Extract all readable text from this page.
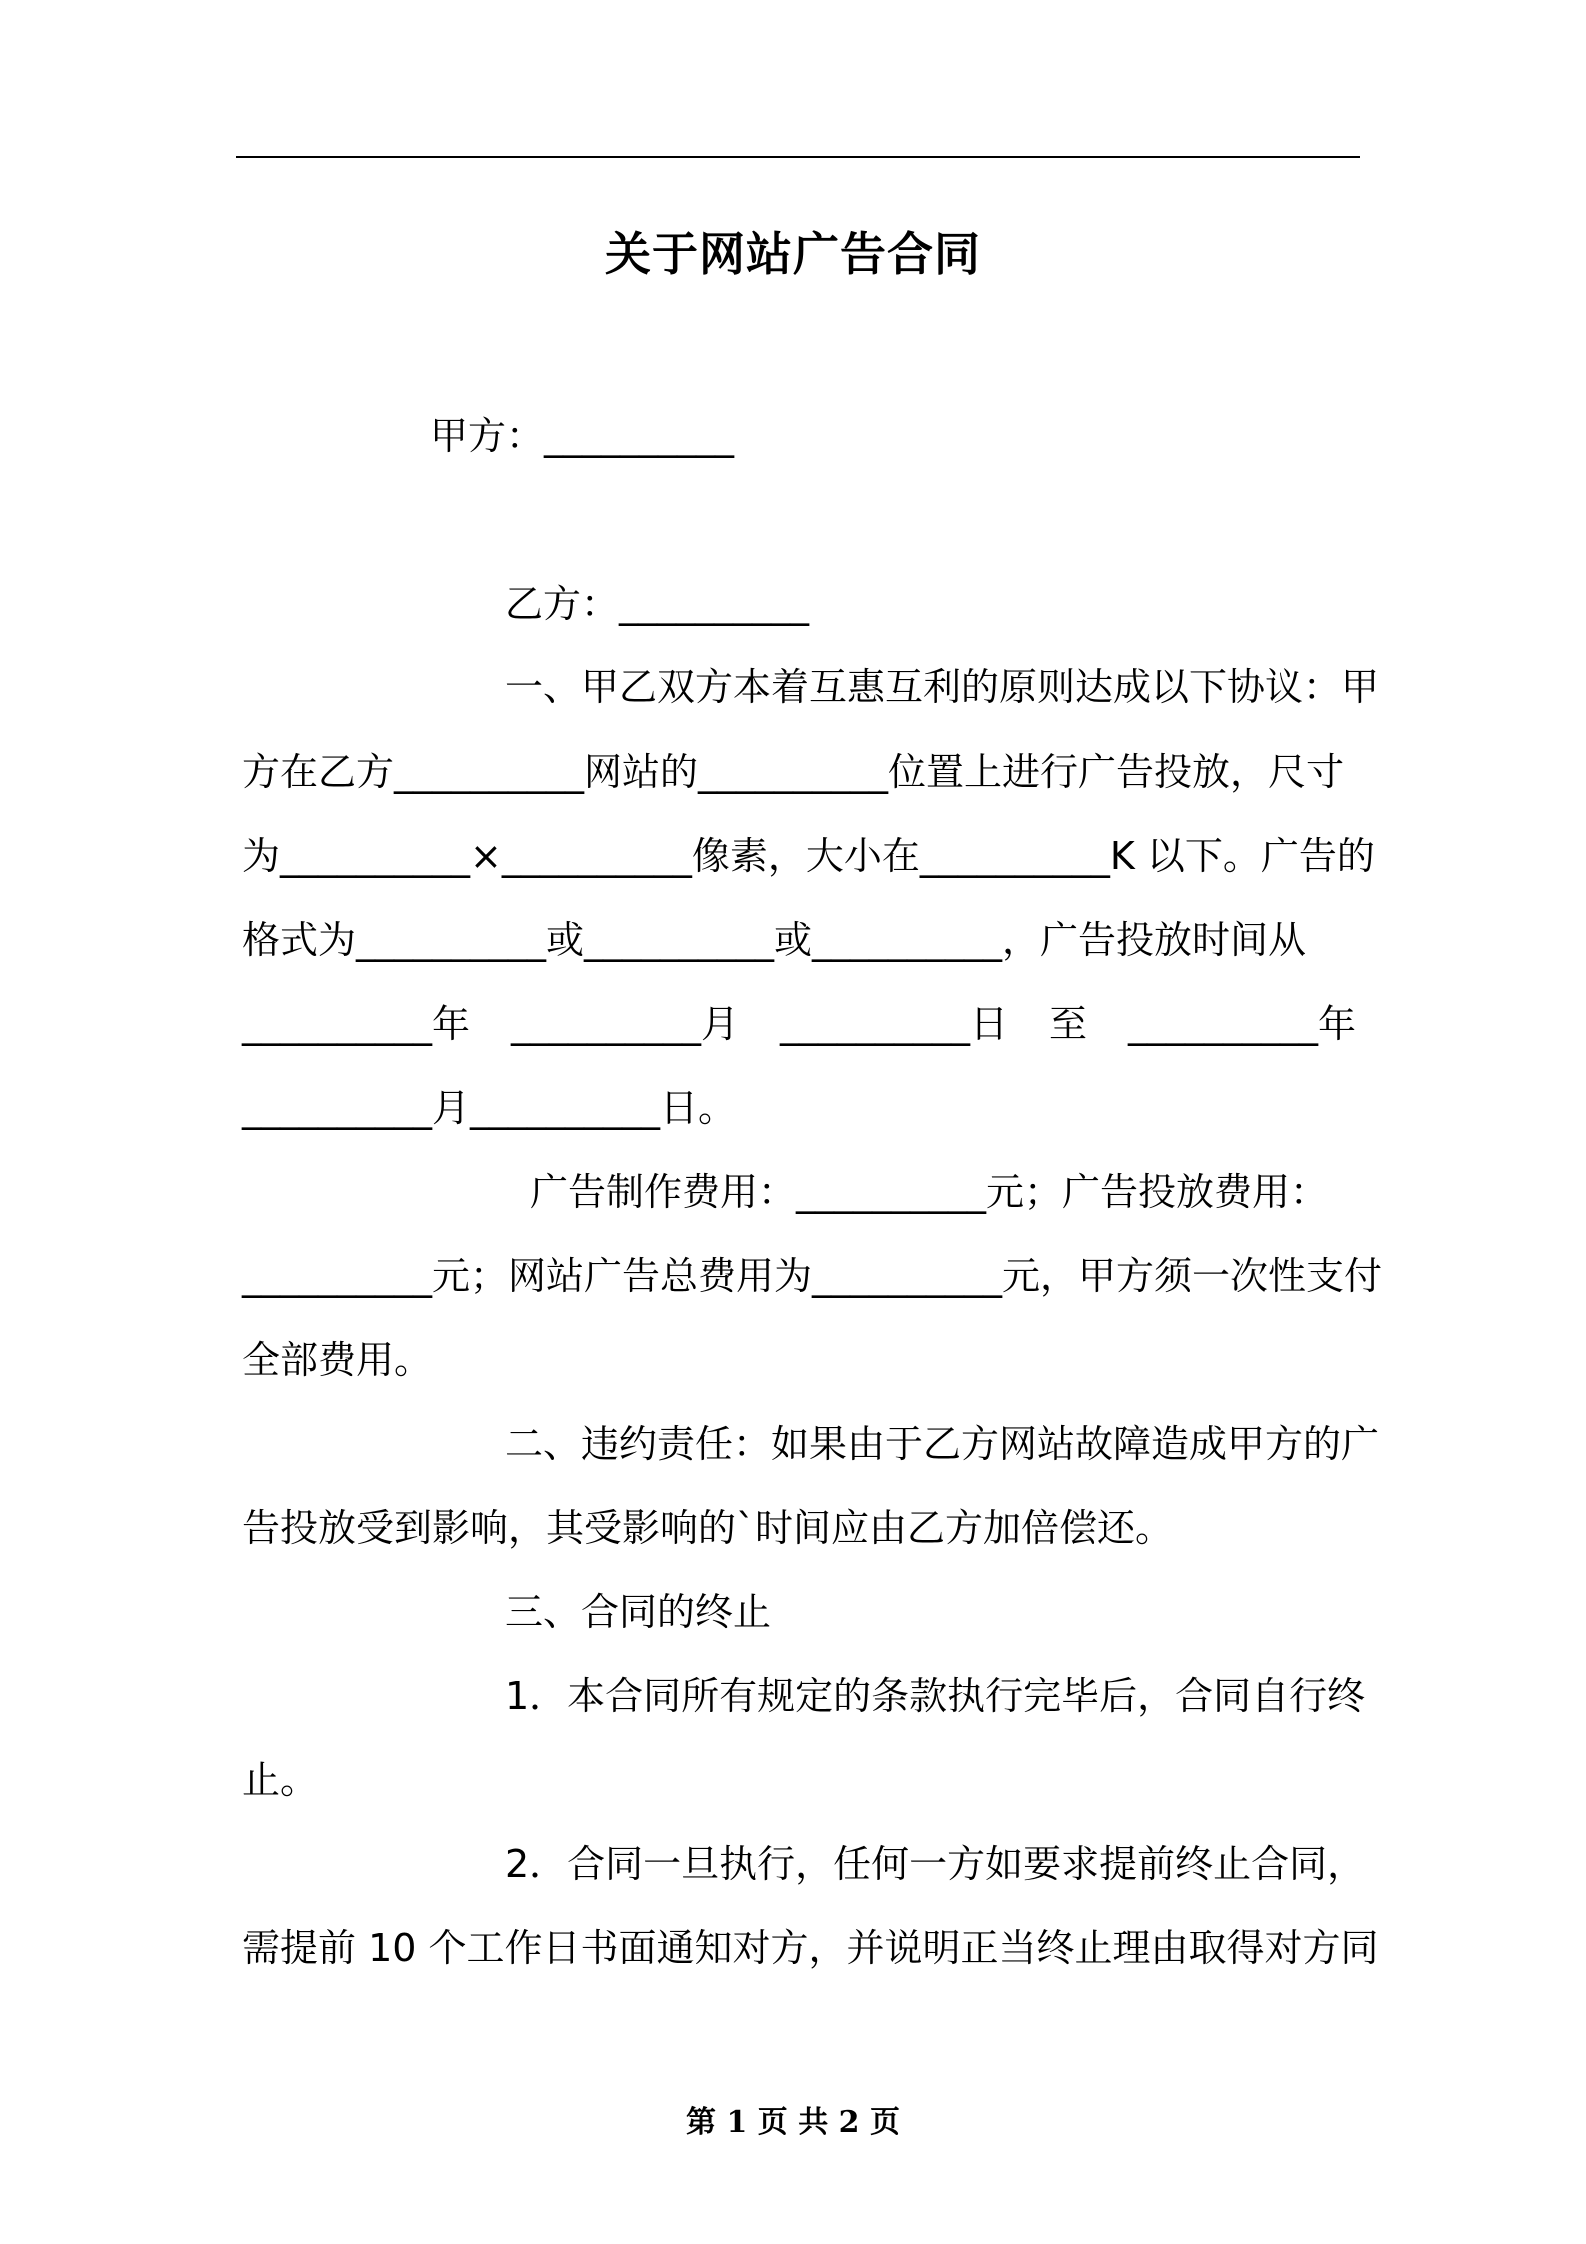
关于网站广告合同
甲方：__________
乙方：__________
一、甲乙双方本着互惠互利的原则达成以下协议：甲
方在乙方__________网站的__________位置上进行广告投放，尺寸
为__________×__________像素，大小在__________K 以下。广告的
格式为__________或__________或__________，广告投放时间从
__________年 __________月 __________日 至 __________年
__________月__________日。
广告制作费用：__________元；广告投放费用：
__________元；网站广告总费用为__________元，甲方须一次性支付
全部费用。
二、违约责任：如果由于乙方网站故障造成甲方的广
告投放受到影响，其受影响的`时间应由乙方加倍偿还。
三、合同的终止
1．本合同所有规定的条款执行完毕后，合同自行终
止。
2．合同一旦执行，任何一方如要求提前终止合同，
需提前 10 个工作日书面通知对方，并说明正当终止理由取得对方同
第 1 页 共 2 页
